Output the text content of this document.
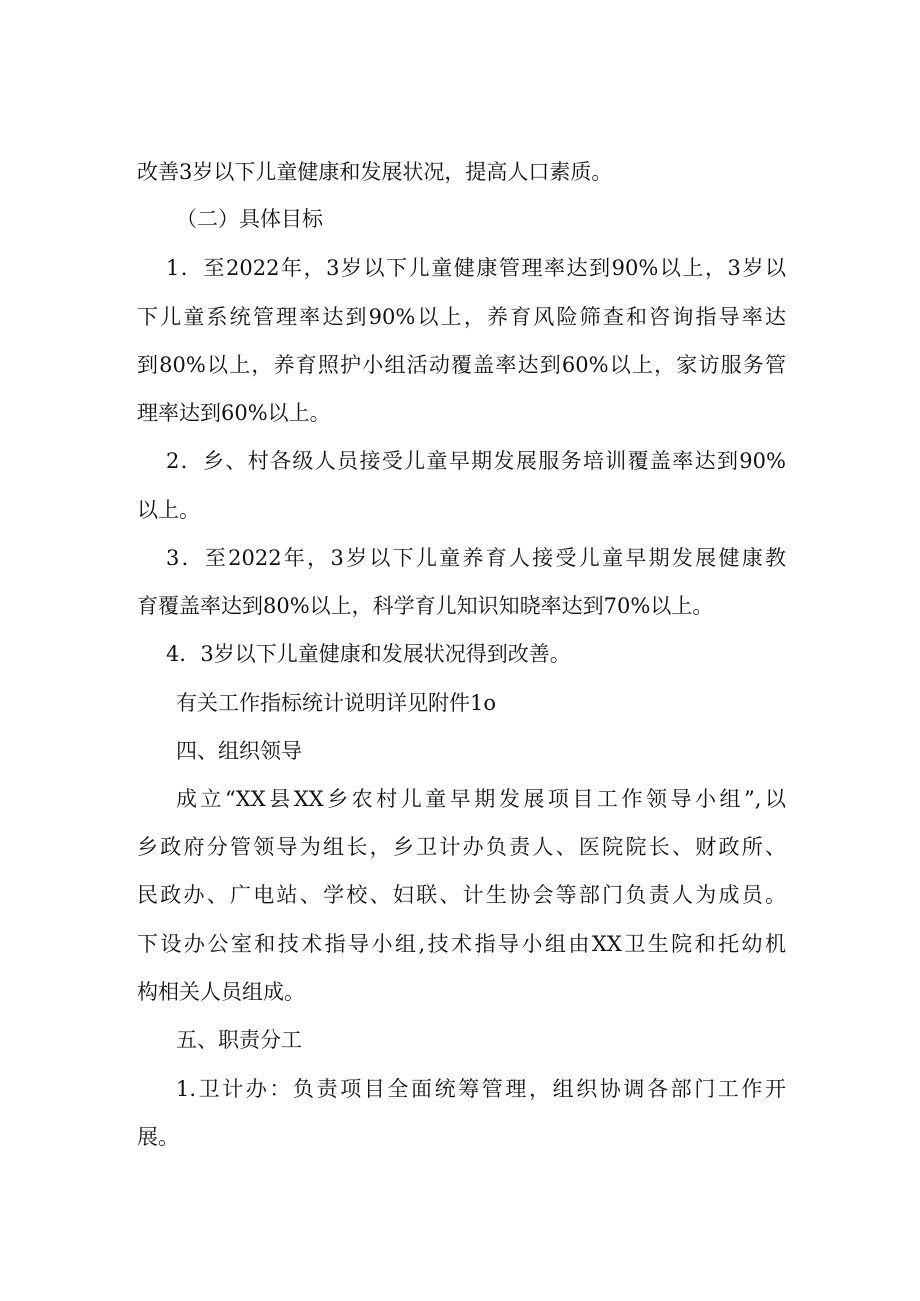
改善3岁以下儿童健康和发展状况，提高人口素质。
（二）具体目标
1．至2022年，3岁以下儿童健康管理率达到90%以上，3岁以
下儿童系统管理率达到90%以上，养育风险筛查和咨询指导率达
到80%以上，养育照护小组活动覆盖率达到60%以上，家访服务管
理率达到60%以上。
2．乡、村各级人员接受儿童早期发展服务培训覆盖率达到90%
以上。
3．至2022年，3岁以下儿童养育人接受儿童早期发展健康教
育覆盖率达到80%以上，科学育儿知识知晓率达到70%以上。
4．3岁以下儿童健康和发展状况得到改善。
有关工作指标统计说明详见附件1o
四、组织领导
成立“XX县XX乡农村儿童早期发展项目工作领导小组”,以
乡政府分管领导为组长，乡卫计办负责人、医院院长、财政所、
民政办、广电站、学校、妇联、计生协会等部门负责人为成员。
下设办公室和技术指导小组,技术指导小组由XX卫生院和托幼机
构相关人员组成。
五、职责分工
1.卫计办：负责项目全面统筹管理，组织协调各部门工作开
展。
